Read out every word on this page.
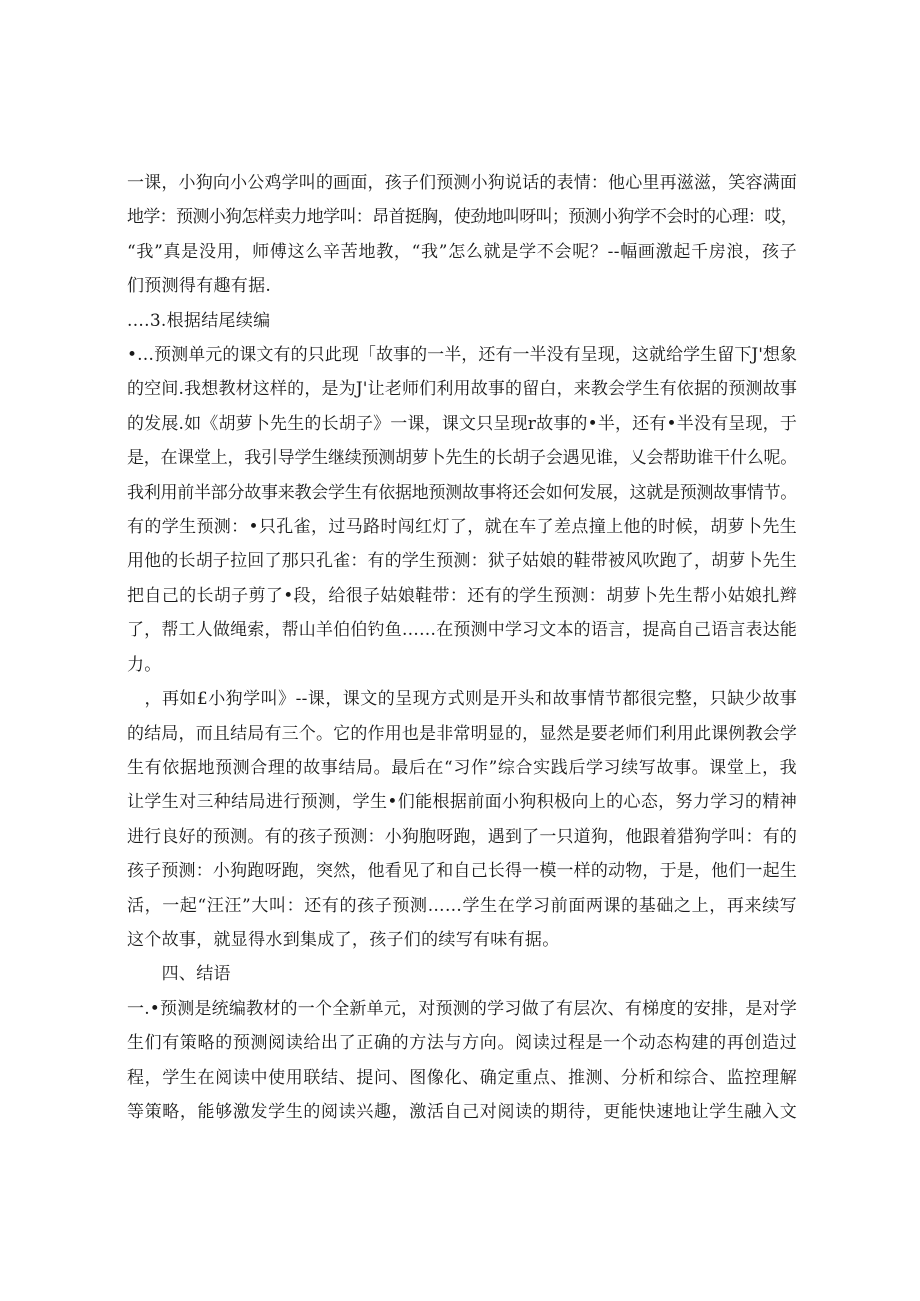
一课，小狗向小公鸡学叫的画面，孩子们预测小狗说话的表情：他心里再滋滋，笑容满面
地学：预测小狗怎样卖力地学叫：昂首挺胸，使劲地叫呀叫；预测小狗学不会时的心理：哎，
“我”真是没用，师傅这么辛苦地教，“我”怎么就是学不会呢？--幅画激起千房浪，孩子
们预测得有趣有据.
....3.根据结尾续编
•…预测单元的课文有的只此现「故事的一半，还有一半没有呈现，这就给学生留下J'想象
的空间.我想教材这样的，是为J'让老师们利用故事的留白，来教会学生有依据的预测故事
的发展.如《胡萝卜先生的长胡子》一课，课文只呈现r故事的•半，还有•半没有呈现，于
是，在课堂上，我引导学生继续预测胡萝卜先生的长胡子会遇见谁，乂会帮助谁干什么呢。
我利用前半部分故事来教会学生有依据地预测故事将还会如何发展，这就是预测故事情节。
有的学生预测：•只孔雀，过马路时闯红灯了，就在车了差点撞上他的时候，胡萝卜先生
用他的长胡子拉回了那只孔雀：有的学生预测：狱子姑娘的鞋带被风吹跑了，胡萝卜先生
把自己的长胡子剪了•段，给很子姑娘鞋带：还有的学生预测：胡萝卜先生帮小姑娘扎辫
了，帮工人做绳索，帮山羊伯伯钓鱼……在预测中学习文本的语言，提高自己语言表达能
力。
　，再如£小狗学叫》--课，课文的呈现方式则是开头和故事情节都很完整，只缺少故事
的结局，而且结局有三个。它的作用也是非常明显的，显然是要老师们利用此课例教会学
生有依据地预测合理的故事结局。最后在“习作”综合实践后学习续写故事。课堂上，我
让学生对三种结局进行预测，学生•们能根据前面小狗积极向上的心态，努力学习的精神
进行良好的预测。有的孩子预测：小狗胞呀跑，遇到了一只道狗，他跟着猎狗学叫：有的
孩子预测：小狗跑呀跑，突然，他看见了和自己长得一模一样的动物，于是，他们一起生
活，一起“汪汪”大叫：还有的孩子预测……学生在学习前面两课的基础之上，再来续写
这个故事，就显得水到集成了，孩子们的续写有味有据。
　　四、结语
一.•预测是统编教材的一个全新单元，对预测的学习做了有层次、有梯度的安排，是对学
生们有策略的预测阅读给出了正确的方法与方向。阅读过程是一个动态构建的再创造过
程，学生在阅读中使用联结、提问、图像化、确定重点、推测、分析和综合、监控理解
等策略，能够激发学生的阅读兴趣，激活自己对阅读的期待，更能快速地让学生融入文
